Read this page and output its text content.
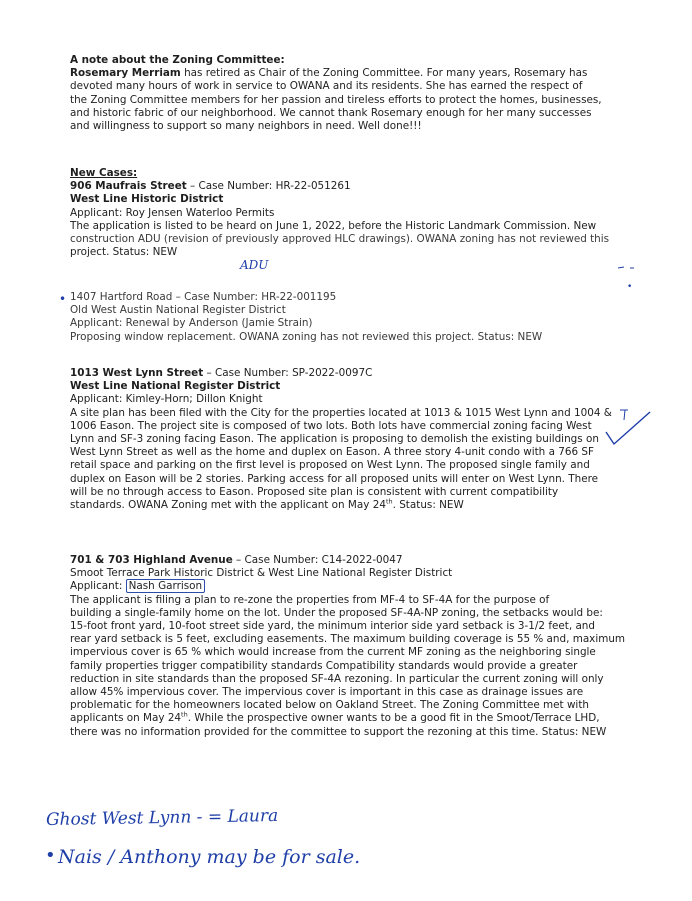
A note about the Zoning Committee:
Rosemary Merriam has retired as Chair of the Zoning Committee. For many years, Rosemary has
devoted many hours of work in service to OWANA and its residents. She has earned the respect of
the Zoning Committee members for her passion and tireless efforts to protect the homes, businesses,
and historic fabric of our neighborhood. We cannot thank Rosemary enough for her many successes
and willingness to support so many neighbors in need. Well done!!!
New Cases:
906 Maufrais Street – Case Number: HR-22-051261
West Line Historic District
Applicant: Roy Jensen Waterloo Permits
The application is listed to be heard on June 1, 2022, before the Historic Landmark Commission. New
construction ADU (revision of previously approved HLC drawings). OWANA zoning has not reviewed this
project. Status: NEW
1407 Hartford Road – Case Number: HR-22-001195
Old West Austin National Register District
Applicant: Renewal by Anderson (Jamie Strain)
Proposing window replacement. OWANA zoning has not reviewed this project. Status: NEW
1013 West Lynn Street – Case Number: SP-2022-0097C
West Line National Register District
Applicant: Kimley-Horn; Dillon Knight
A site plan has been filed with the City for the properties located at 1013 & 1015 West Lynn and 1004 &
1006 Eason. The project site is composed of two lots. Both lots have commercial zoning facing West
Lynn and SF-3 zoning facing Eason. The application is proposing to demolish the existing buildings on
West Lynn Street as well as the home and duplex on Eason. A three story 4-unit condo with a 766 SF
retail space and parking on the first level is proposed on West Lynn. The proposed single family and
duplex on Eason will be 2 stories. Parking access for all proposed units will enter on West Lynn. There
will be no through access to Eason. Proposed site plan is consistent with current compatibility
standards. OWANA Zoning met with the applicant on May 24th. Status: NEW
701 & 703 Highland Avenue – Case Number: C14-2022-0047
Smoot Terrace Park Historic District & West Line National Register District
Applicant: Nash Garrison
The applicant is filing a plan to re-zone the properties from MF-4 to SF-4A for the purpose of
building a single-family home on the lot. Under the proposed SF-4A-NP zoning, the setbacks would be:
15-foot front yard, 10-foot street side yard, the minimum interior side yard setback is 3-1/2 feet, and
rear yard setback is 5 feet, excluding easements. The maximum building coverage is 55 % and, maximum
impervious cover is 65 % which would increase from the current MF zoning as the neighboring single
family properties trigger compatibility standards Compatibility standards would provide a greater
reduction in site standards than the proposed SF-4A rezoning. In particular the current zoning will only
allow 45% impervious cover. The impervious cover is important in this case as drainage issues are
problematic for the homeowners located below on Oakland Street. The Zoning Committee met with
applicants on May 24th. While the prospective owner wants to be a good fit in the Smoot/Terrace LHD,
there was no information provided for the committee to support the rezoning at this time. Status: NEW
ADU
Ghost West Lynn - = Laura
Nais / Anthony may be for sale.
•
•
•
